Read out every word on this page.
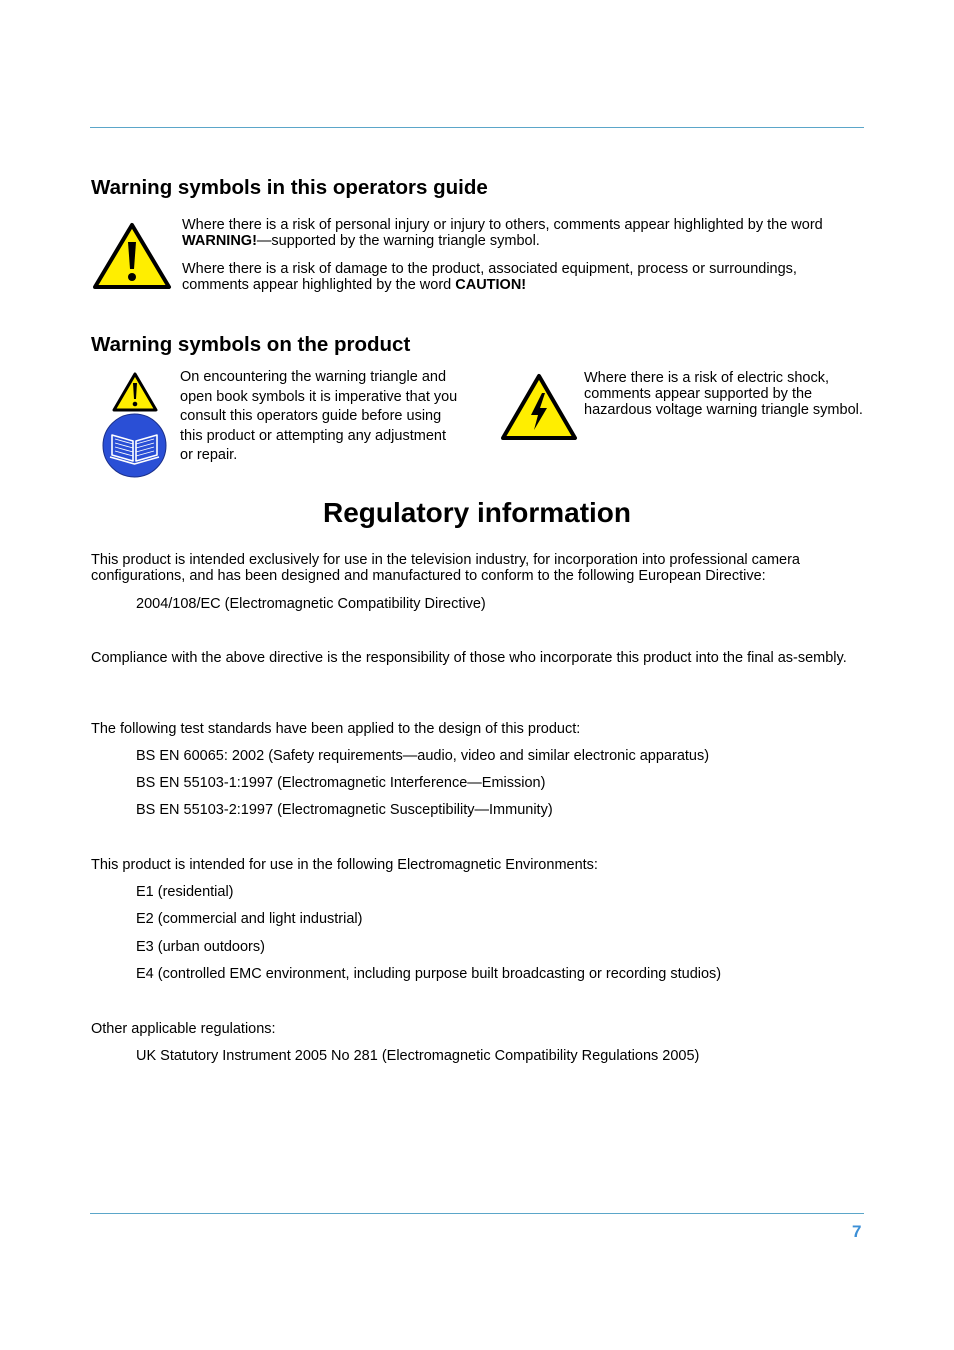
Warning symbols in this operators guide

Where there is a risk of personal injury or injury to others, comments appear highlighted by the word WARNING!—supported by the warning triangle symbol.

Where there is a risk of damage to the product, associated equipment, process or surroundings, comments appear highlighted by the word CAUTION!

Warning symbols on the product

On encountering the warning triangle and open book symbols it is imperative that you consult this operators guide before using this product or attempting any adjustment or repair.

Where there is a risk of electric shock, comments appear supported by the hazardous voltage warning triangle symbol.

Regulatory information

This product is intended exclusively for use in the television industry, for incorporation into professional camera configurations, and has been designed and manufactured to conform to the following European Directive:

2004/108/EC (Electromagnetic Compatibility Directive)

Compliance with the above directive is the responsibility of those who incorporate this product into the final as-sembly.

The following test standards have been applied to the design of this product:

BS EN 60065: 2002 (Safety requirements—audio, video and similar electronic apparatus)

BS EN 55103-1:1997 (Electromagnetic Interference—Emission)

BS EN 55103-2:1997 (Electromagnetic Susceptibility—Immunity)

This product is intended for use in the following Electromagnetic Environments:

E1 (residential)

E2 (commercial and light industrial)

E3 (urban outdoors)

E4 (controlled EMC environment, including purpose built broadcasting or recording studios)

Other applicable regulations:

UK Statutory Instrument 2005 No 281 (Electromagnetic Compatibility Regulations 2005)

7
